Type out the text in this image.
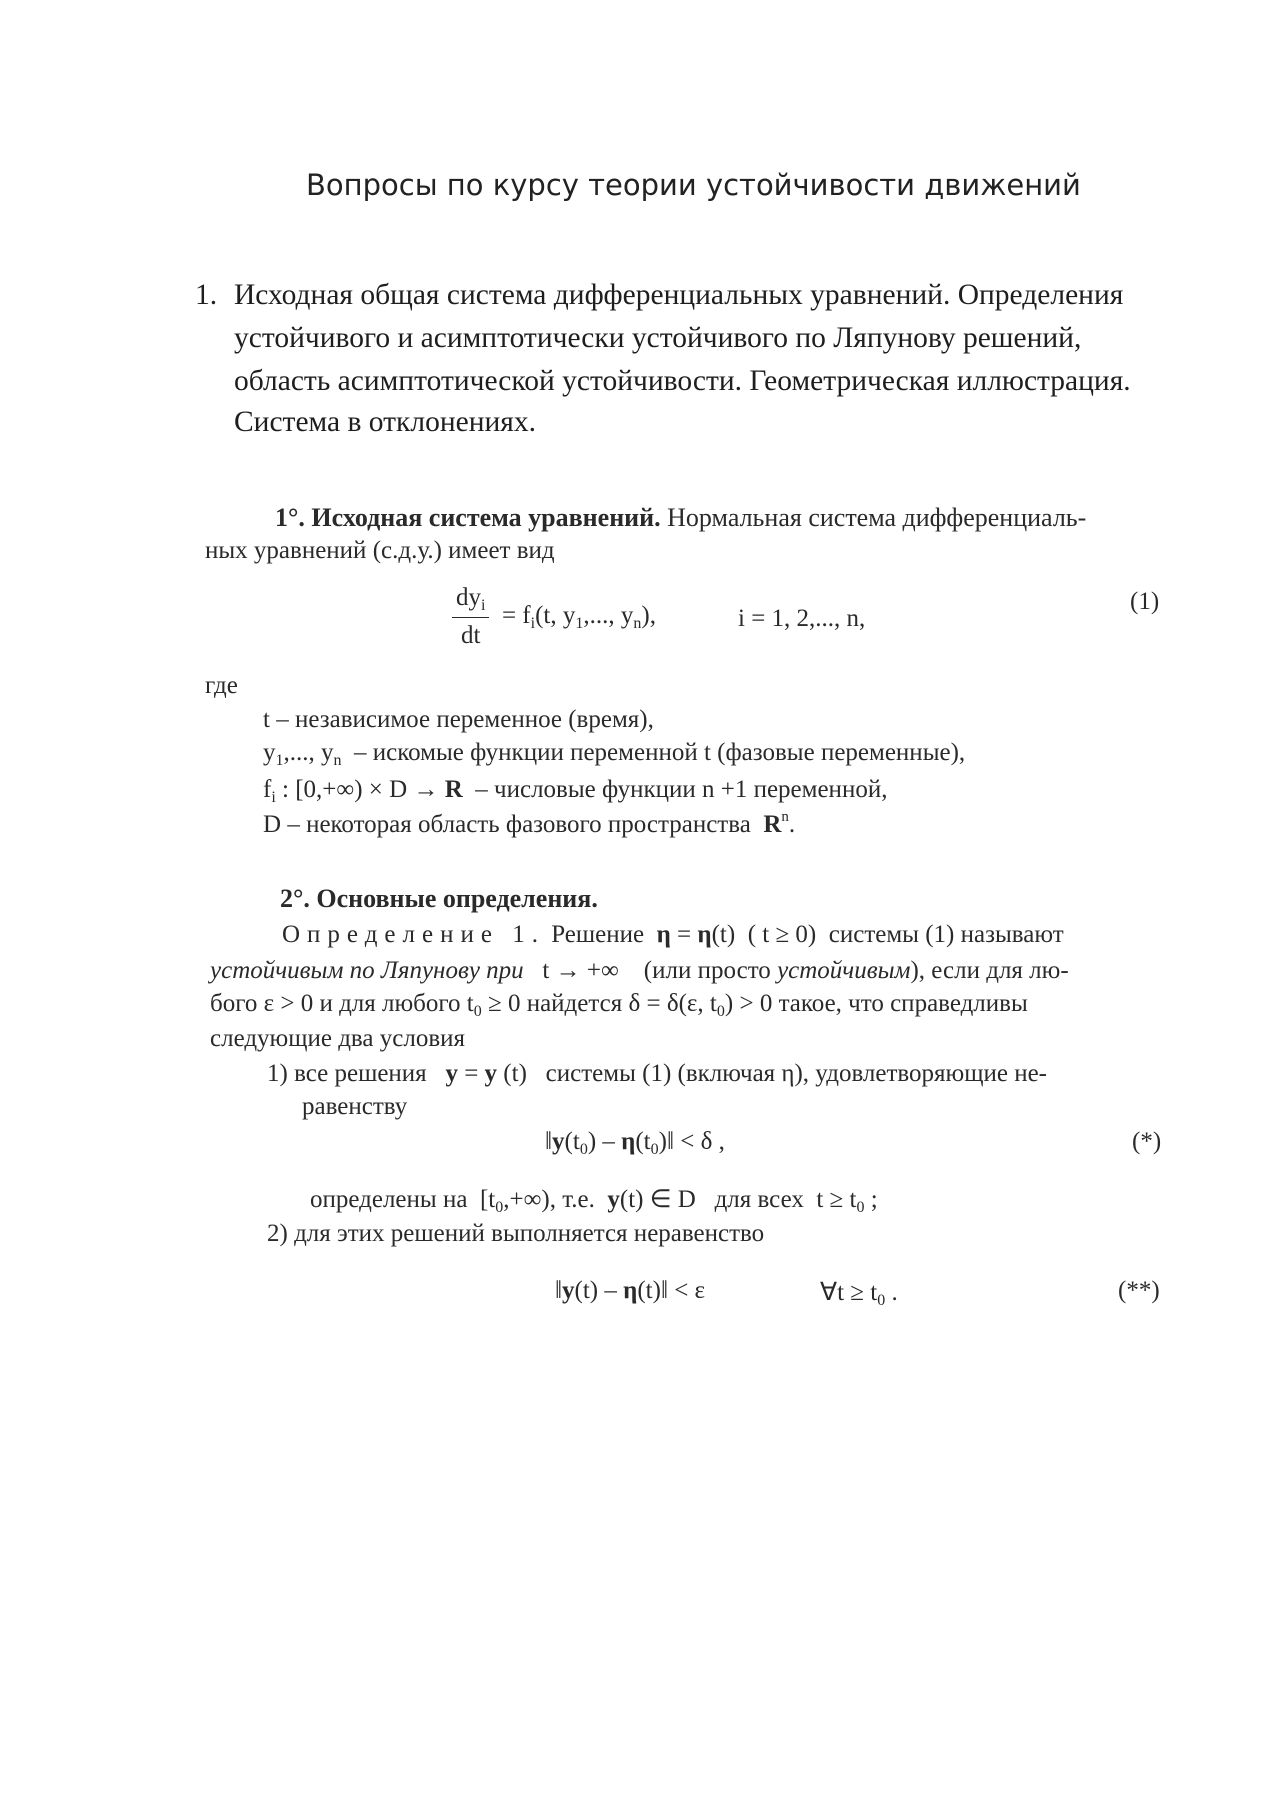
Вопросы по курсу теории устойчивости движений
1. Исходная общая система дифференциальных уравнений. Определения
устойчивого и асимптотически устойчивого по Ляпунову решений,
область асимптотической устойчивости. Геометрическая иллюстрация.
Система в отклонениях.
1°. Исходная система уравнений. Нормальная система дифференциаль-
ных уравнений (с.д.у.) имеет вид
$\frac{dy_i}{dt} = f_i(t$, $y_1$,..., $y_n$),	i = 1, 2,..., n,
(1)
где
t – независимое переменное (время),
$y_1$,..., $y_n$ – искомые функции переменной t (фазовые переменные),
$f_i$ : [0,+∞) × D → R – числовые функции n +1 переменной,
D – некоторая область фазового пространства $R^n$.
2°. Основные определения.
Определение 1. Решение η = η(t)  ( t ≥ 0)  системы (1) называют
устойчивым по Ляпунову при   t → +∞    (или просто устойчивым), если для лю-
бого ε > 0 и для любого $t_0 \ge 0$ найдется δ = δ(ε, $t_0) > 0$ такое, что справедливы
следующие два условия
1) все решения y = y (t)   системы (1) (включая η), удовлетворяющие не-
равенству
$‖y(t_0)$ – $\eta(t_0)‖ < \delta$ ,	(*)
определены на  $[t_0,+\infty)$, т.е. y(t) ∈ D   для всех  $t \ge t_0$ ;
2) для этих решений выполняется неравенство
‖y(t) – η(t)‖ < ε	∀t ≥ $t_0$ .	(**)
